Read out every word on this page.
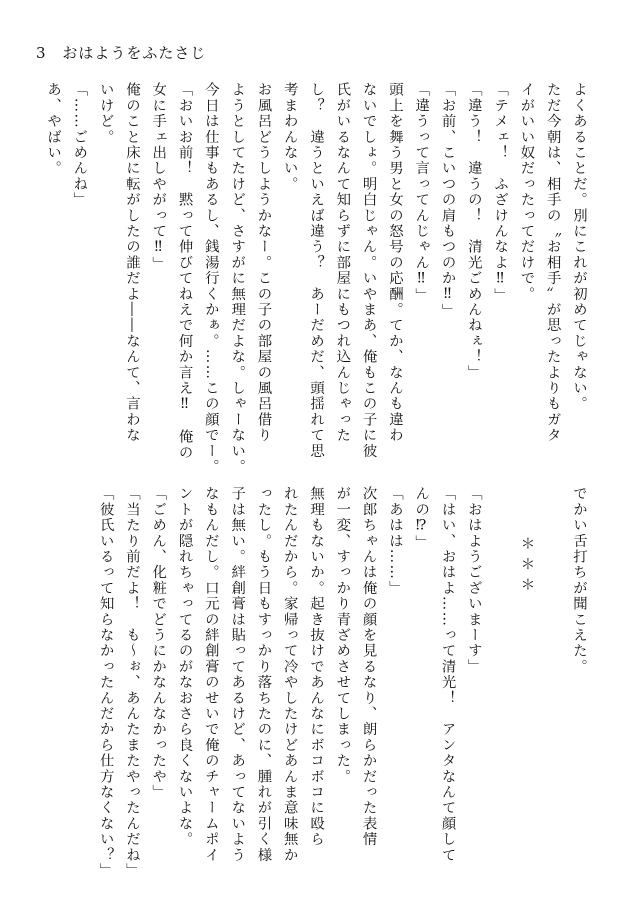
3 おはようをふたさじ
よくあることだ。別にこれが初めてじゃない。
ただ今朝は、相手の〝お相手〟が思ったよりもガタ
イがいい奴だったってだけで。
「テメェ！　ふざけんなよ‼」
「違う！　違うの！　清光ごめんねぇ！」
「お前、こいつの肩もつのか‼」
「違うって言ってんじゃん‼」
頭上を舞う男と女の怒号の応酬。てか、なんも違わ
ないでしょ。明白じゃん。いやまあ、俺もこの子に彼
氏がいるなんて知らずに部屋にもつれ込んじゃった
し？　違うといえば違う？　あーだめだ、頭揺れて思
考まわんない。
お風呂どうしようかなー。この子の部屋の風呂借り
ようとしてたけど、さすがに無理だよな。しゃーない。
今日は仕事もあるし、銭湯行くかぁ。……この顔でー。
「おいお前！　黙って伸びてねえで何か言え‼　俺の
女に手ェ出しやがって‼」
俺のこと床に転がしたの誰だよ――なんて、言わな
いけど。
「……ごめんね」
あ、やばい。
でかい舌打ちが聞こえた。
＊＊＊
「おはようございまーす」
「はい、おはよ……って清光！　アンタなんて顔して
んの⁉」
「あはは……」
次郎ちゃんは俺の顔を見るなり、朗らかだった表情
が一変、すっかり青ざめさせてしまった。
無理もないか。起き抜けであんなにボコボコに殴ら
れたんだから。家帰って冷やしたけどあんま意味無か
ったし。もう日もすっかり落ちたのに、腫れが引く様
子は無い。絆創膏は貼ってあるけど、あってないよう
なもんだし。口元の絆創膏のせいで俺のチャームポイ
ントが隠れちゃってるのがなおさら良くないよな。
「ごめん、化粧でどうにかなんなかったや」
「当たり前だよ！　も～ぉ、あんたまたやったんだね」
「彼氏いるって知らなかったんだから仕方なくない？」
